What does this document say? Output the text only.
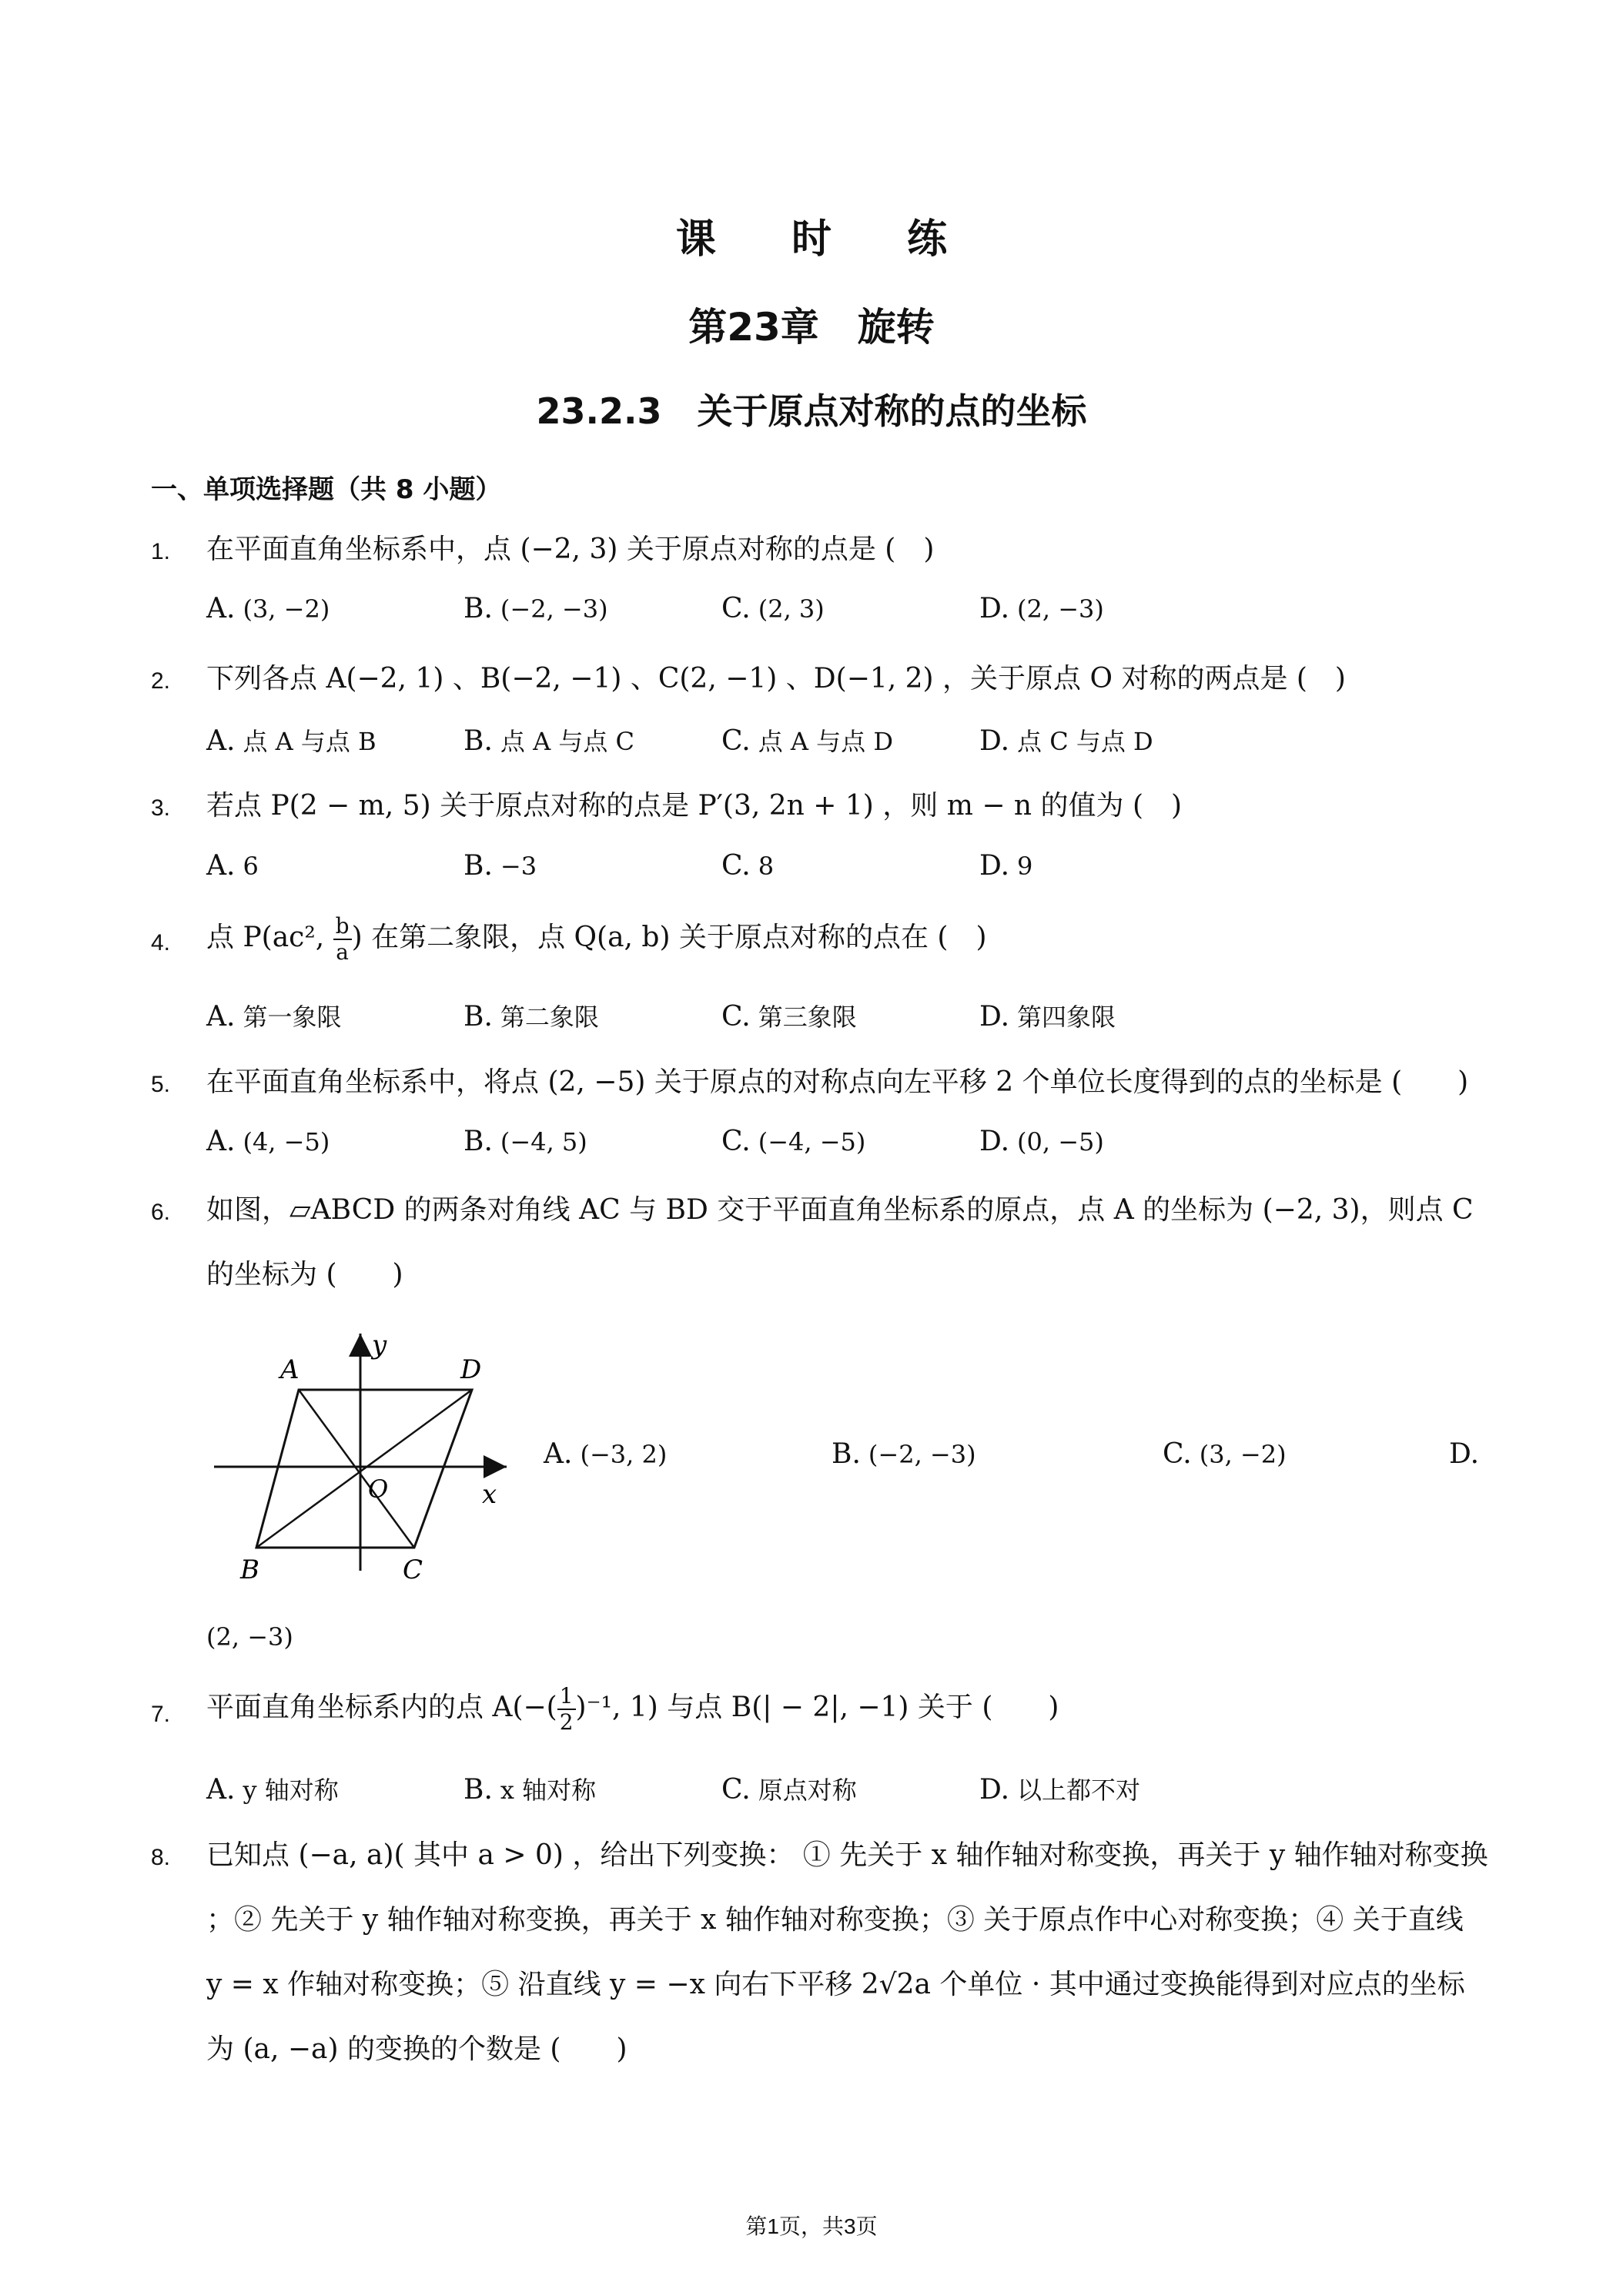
课 时 练
第23章　旋转
23.2.3　关于原点对称的点的坐标
一、单项选择题（共 8 小题）
1. 在平面直角坐标系中，点 (−2, 3) 关于原点对称的点是 (　)
A. (3, −2)	B. (−2, −3)	C. (2, 3)	D. (2, −3)
2. 下列各点 A(−2, 1) 、B(−2, −1) 、C(2, −1) 、D(−1, 2) ，关于原点 O 对称的两点是 (　)
A. 点 A 与点 B	B. 点 A 与点 C	C. 点 A 与点 D	D. 点 C 与点 D
3. 若点 P(2 − m, 5) 关于原点对称的点是 P′(3, 2n + 1) ，则 m − n 的值为 (　)
A. 6	B. −3	C. 8	D. 9
4. 点 P(ac², $\frac{b}{a}$ ) 在第二象限，点 Q(a, b) 关于原点对称的点在 (　)
A. 第一象限	B. 第二象限	C. 第三象限	D. 第四象限
5. 在平面直角坐标系中，将点 (2, −5) 关于原点的对称点向左平移 2 个单位长度得到的点的坐标是 (　　)
A. (4, −5)	B. (−4, 5)	C. (−4, −5)	D. (0, −5)
6. 如图，▱ABCD 的两条对角线 AC 与 BD 交于平面直角坐标系的原点，点 A 的坐标为 (−2, 3)，则点 C
的坐标为 (　　)
A	D
B	C
O	x
y
A. (−3, 2)	B. (−2, −3)	C. (3, −2)	D.
(2, −3)
7. 平面直角坐标系内的点 $A(-( \frac{1}{2} )^{-1}$, 1) 与点 B(| − 2|, −1) 关于 (　　)
A. y 轴对称	B. x 轴对称	C. 原点对称	D. 以上都不对
8. 已知点 (−a, a)( 其中 a > 0) ，给出下列变换： ① 先关于 x 轴作轴对称变换，再关于 y 轴作轴对称变换
；② 先关于 y 轴作轴对称变换，再关于 x 轴作轴对称变换；③ 关于原点作中心对称变换；④ 关于直线
y = x 作轴对称变换；⑤ 沿直线 y = −x 向右下平移 2√2a 个单位 · 其中通过变换能得到对应点的坐标
为 (a, −a) 的变换的个数是 (　　)
第1页，共3页
